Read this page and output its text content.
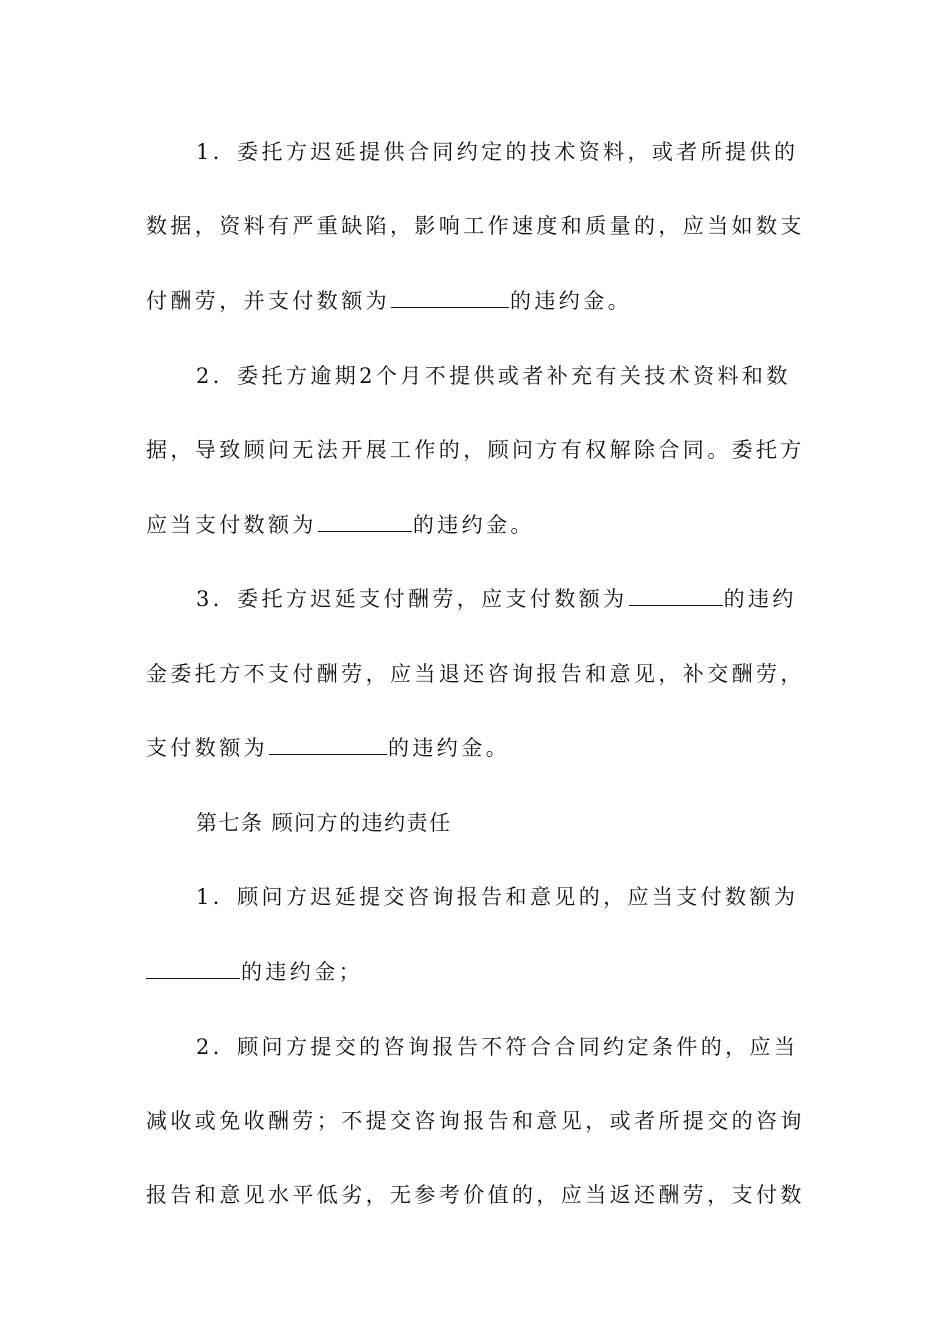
1．委托方迟延提供合同约定的技术资料，或者所提供的
数据，资料有严重缺陷，影响工作速度和质量的，应当如数支
付酬劳，并支付数额为	的违约金。
2．委托方逾期2个月不提供或者补充有关技术资料和数
据，导致顾问无法开展工作的，顾问方有权解除合同。委托方
应当支付数额为	的违约金。
3．委托方迟延支付酬劳，应支付数额为	的违约
金委托方不支付酬劳，应当退还咨询报告和意见，补交酬劳，
支付数额为	的违约金。
第七条 顾问方的违约责任
1．顾问方迟延提交咨询报告和意见的，应当支付数额为
的违约金；
2．顾问方提交的咨询报告不符合合同约定条件的，应当
减收或免收酬劳；不提交咨询报告和意见，或者所提交的咨询
报告和意见水平低劣，无参考价值的，应当返还酬劳，支付数
